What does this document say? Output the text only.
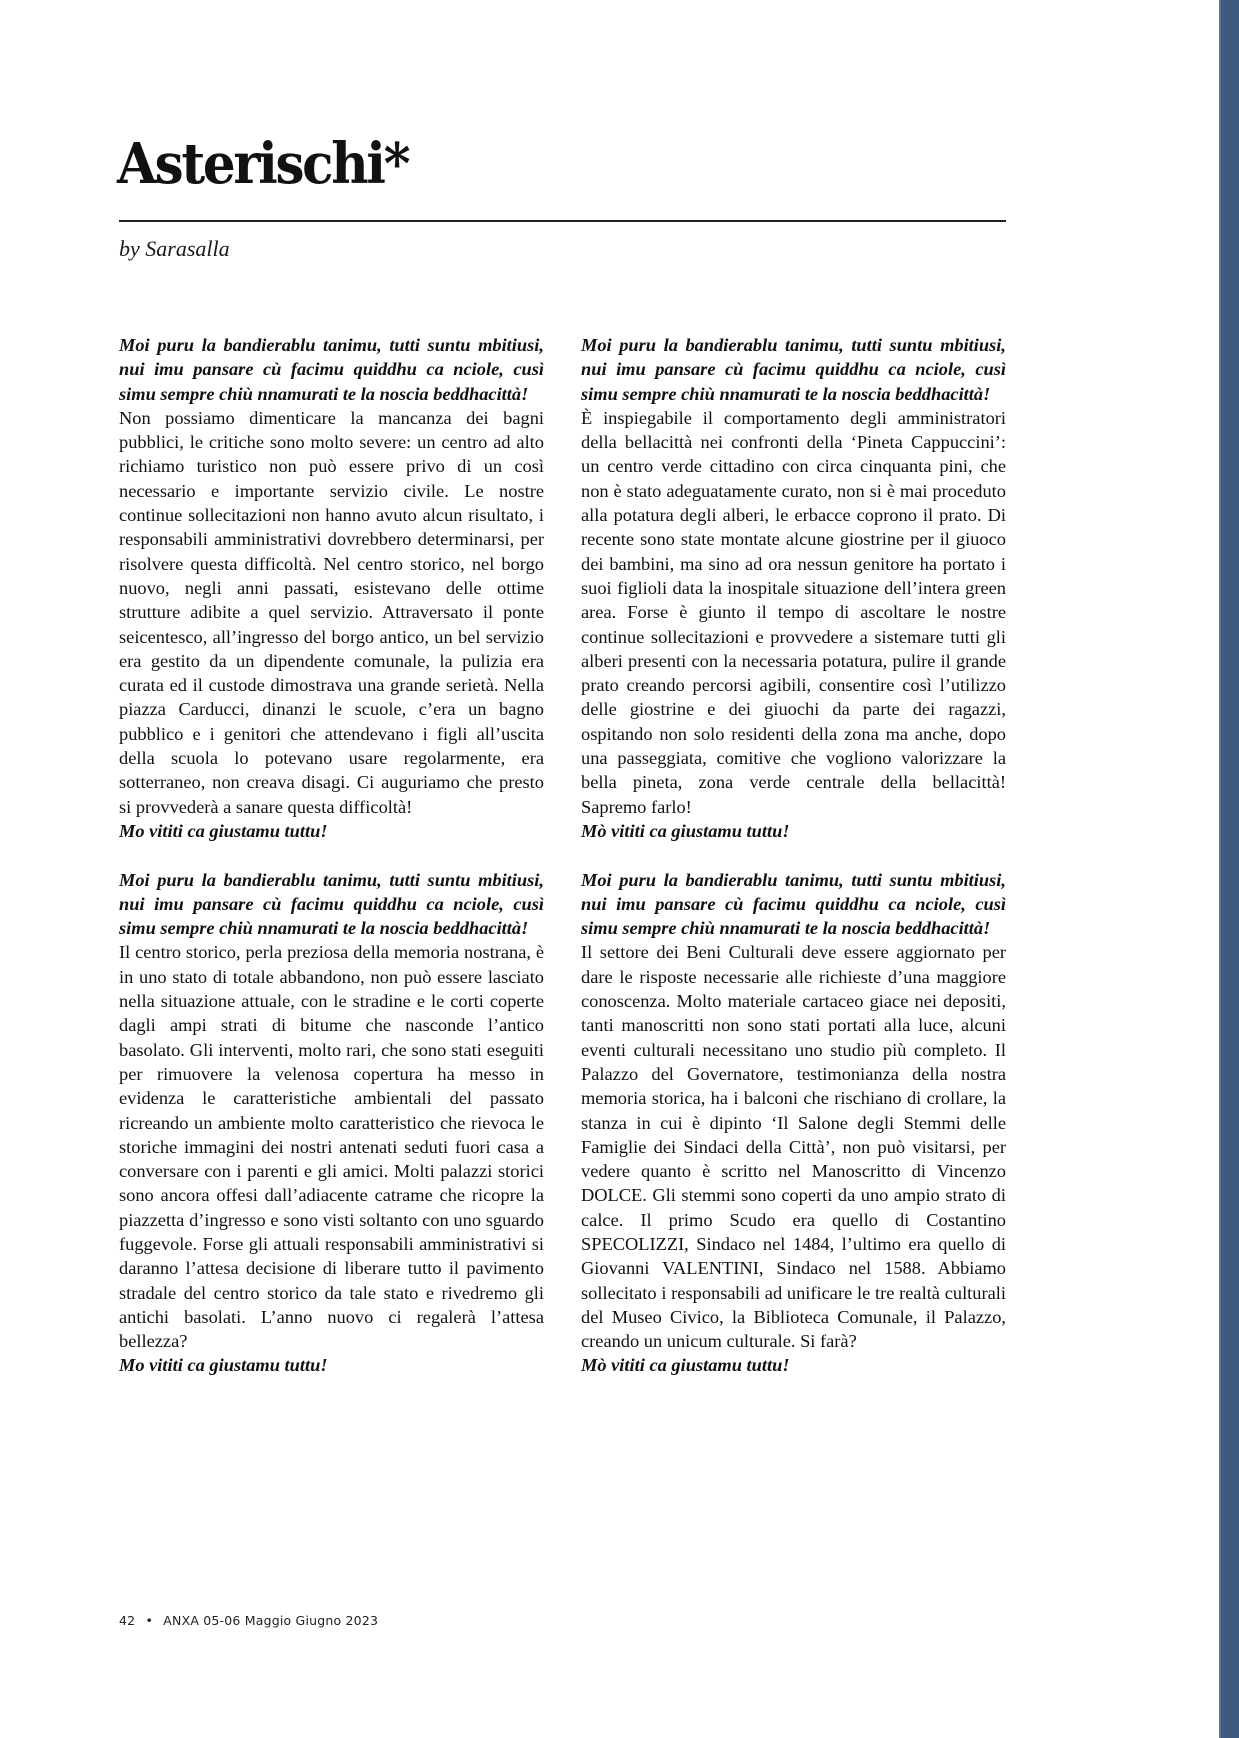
Asterischi*
by Sarasalla

Moi puru la bandierablu tanimu, tutti suntu mbitiusi, nui imu pansare cù facimu quiddhu ca nciole, cusì simu sempre chiù nnamurati te la noscia beddhacittà!

Non possiamo dimenticare la mancanza dei bagni pubblici, le critiche sono molto severe: un centro ad alto richiamo turistico non può essere privo di un così necessario e importante servizio civile. Le nostre continue sollecitazioni non hanno avuto alcun risultato, i responsabili amministrativi dovrebbero determinarsi, per risolvere questa difficoltà. Nel centro storico, nel borgo nuovo, negli anni passati, esistevano delle ottime strutture adibite a quel servizio. Attraversato il ponte seicentesco, all’ingresso del borgo antico, un bel servizio era gestito da un dipendente comunale, la pulizia era curata ed il custode dimostrava una grande serietà. Nella piazza Carducci, dinanzi le scuole, c’era un bagno pubblico e i genitori che attendevano i figli all’uscita della scuola lo potevano usare regolarmente, era sotterraneo, non creava disagi. Ci auguriamo che presto si provvederà a sanare questa difficoltà!

Mo vititi ca giustamu tuttu!

Moi puru la bandierablu tanimu, tutti suntu mbitiusi, nui imu pansare cù facimu quiddhu ca nciole, cusì simu sempre chiù nnamurati te la noscia beddhacittà!

Il centro storico, perla preziosa della memoria nostrana, è in uno stato di totale abbandono, non può essere lasciato nella situazione attuale, con le stradine e le corti coperte dagli ampi strati di bitume che nasconde l’antico basolato. Gli interventi, molto rari, che sono stati eseguiti per rimuovere la velenosa copertura ha messo in evidenza le caratteristiche ambientali del passato ricreando un ambiente molto caratteristico che rievoca le storiche immagini dei nostri antenati seduti fuori casa a conversare con i parenti e gli amici. Molti palazzi storici sono ancora offesi dall’adiacente catrame che ricopre la piazzetta d’ingresso e sono visti soltanto con uno sguardo fuggevole. Forse gli attuali responsabili amministrativi si daranno l’attesa decisione di liberare tutto il pavimento stradale del centro storico da tale stato e rivedremo gli antichi basolati. L’anno nuovo ci regalerà l’attesa bellezza?

Mo vititi ca giustamu tuttu!

Moi puru la bandierablu tanimu, tutti suntu mbitiusi, nui imu pansare cù facimu quiddhu ca nciole, cusì simu sempre chiù nnamurati te la noscia beddhacittà!

È inspiegabile il comportamento degli amministratori della bellacittà nei confronti della ‘Pineta Cappuccini’: un centro verde cittadino con circa cinquanta pini, che non è stato adeguatamente curato, non si è mai proceduto alla potatura degli alberi, le erbacce coprono il prato. Di recente sono state montate alcune giostrine per il giuoco dei bambini, ma sino ad ora nessun genitore ha portato i suoi figlioli data la inospitale situazione dell’intera green area. Forse è giunto il tempo di ascoltare le nostre continue sollecitazioni e provvedere a sistemare tutti gli alberi presenti con la necessaria potatura, pulire il grande prato creando percorsi agibili, consentire così l’utilizzo delle giostrine e dei giuochi da parte dei ragazzi, ospitando non solo residenti della zona ma anche, dopo una passeggiata, comitive che vogliono valorizzare la bella pineta, zona verde centrale della bellacittà! Sapremo farlo!

Mò vititi ca giustamu tuttu!

Moi puru la bandierablu tanimu, tutti suntu mbitiusi, nui imu pansare cù facimu quiddhu ca nciole, cusì simu sempre chiù nnamurati te la noscia beddhacittà!

Il settore dei Beni Culturali deve essere aggiornato per dare le risposte necessarie alle richieste d’una maggiore conoscenza. Molto materiale cartaceo giace nei depositi, tanti manoscritti non sono stati portati alla luce, alcuni eventi culturali necessitano uno studio più completo. Il Palazzo del Governatore, testimonianza della nostra memoria storica, ha i balconi che rischiano di crollare, la stanza in cui è dipinto ‘Il Salone degli Stemmi delle Famiglie dei Sindaci della Città’, non può visitarsi, per vedere quanto è scritto nel Manoscritto di Vincenzo DOLCE. Gli stemmi sono coperti da uno ampio strato di calce. Il primo Scudo era quello di Costantino SPECOLIZZI, Sindaco nel 1484, l’ultimo era quello di Giovanni VALENTINI, Sindaco nel 1588. Abbiamo sollecitato i responsabili ad unificare le tre realtà culturali del Museo Civico, la Biblioteca Comunale, il Palazzo, creando un unicum culturale. Si farà?

Mò vititi ca giustamu tuttu!

42 • ANXA 05-06 Maggio Giugno 2023
